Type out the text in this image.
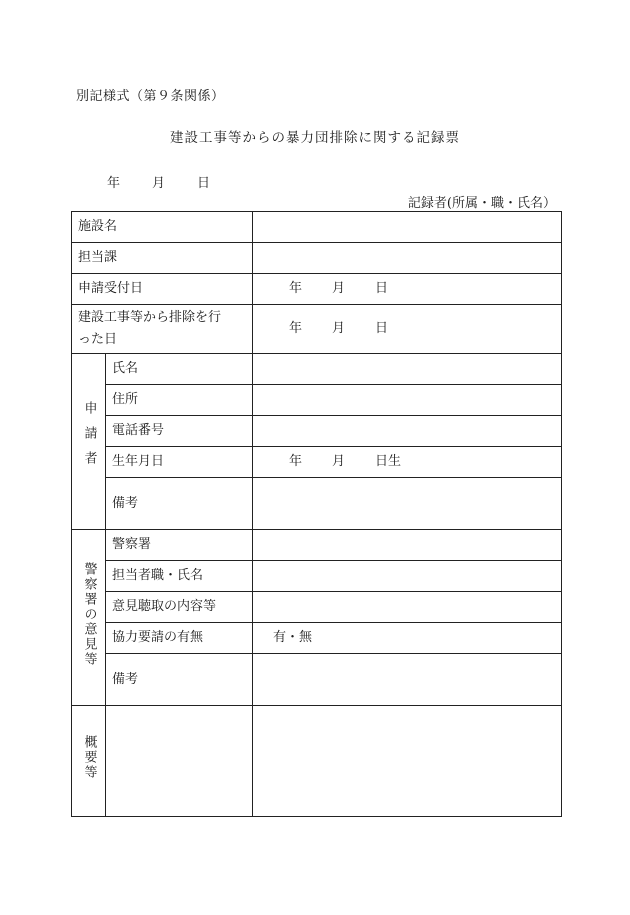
別記様式（第９条関係）
建設工事等からの暴力団排除に関する記録票
年 月 日
記録者(所属・職・氏名）
施設名		
担当課		
申請受付日		年 月 日
建設工事等から排除を行
った日		年 月 日
申請者	氏名	
	住所	
	電話番号	
	生年月日	年 月 日生
	備考	
警察署の意見等	警察署	
	担当者職・氏名	
	意見聴取の内容等	
	協力要請の有無	有・無
	備考	
概要等		
